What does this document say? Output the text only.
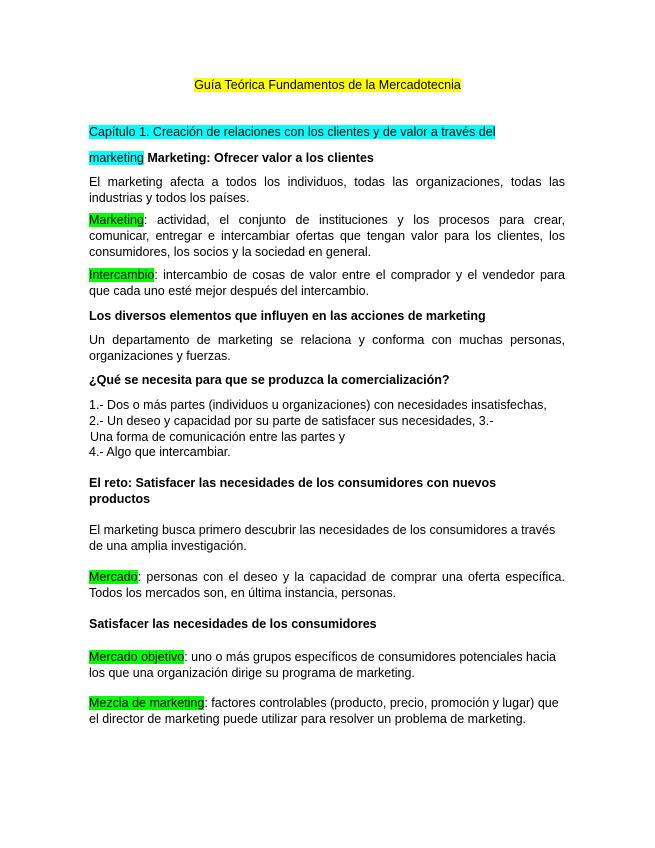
Guía Teórica Fundamentos de la Mercadotecnia
Capítulo 1. Creación de relaciones con los clientes y de valor a través del
marketing Marketing: Ofrecer valor a los clientes
El marketing afecta a todos los individuos, todas las organizaciones, todas las industrias y todos los países.
Marketing: actividad, el conjunto de instituciones y los procesos para crear, comunicar, entregar e intercambiar ofertas que tengan valor para los clientes, los consumidores, los socios y la sociedad en general.
Intercambio: intercambio de cosas de valor entre el comprador y el vendedor para que cada uno esté mejor después del intercambio.
Los diversos elementos que influyen en las acciones de marketing
Un departamento de marketing se relaciona y conforma con muchas personas, organizaciones y fuerzas.
¿Qué se necesita para que se produzca la comercialización?
1.- Dos o más partes (individuos u organizaciones) con necesidades insatisfechas,
2.- Un deseo y capacidad por su parte de satisfacer sus necesidades, 3.-
Una forma de comunicación entre las partes y
4.- Algo que intercambiar.
El reto: Satisfacer las necesidades de los consumidores con nuevos productos
El marketing busca primero descubrir las necesidades de los consumidores a través de una amplia investigación.
Mercado: personas con el deseo y la capacidad de comprar una oferta específica. Todos los mercados son, en última instancia, personas.
Satisfacer las necesidades de los consumidores
Mercado objetivo: uno o más grupos específicos de consumidores potenciales hacia los que una organización dirige su programa de marketing.
Mezcla de marketing: factores controlables (producto, precio, promoción y lugar) que el director de marketing puede utilizar para resolver un problema de marketing.
